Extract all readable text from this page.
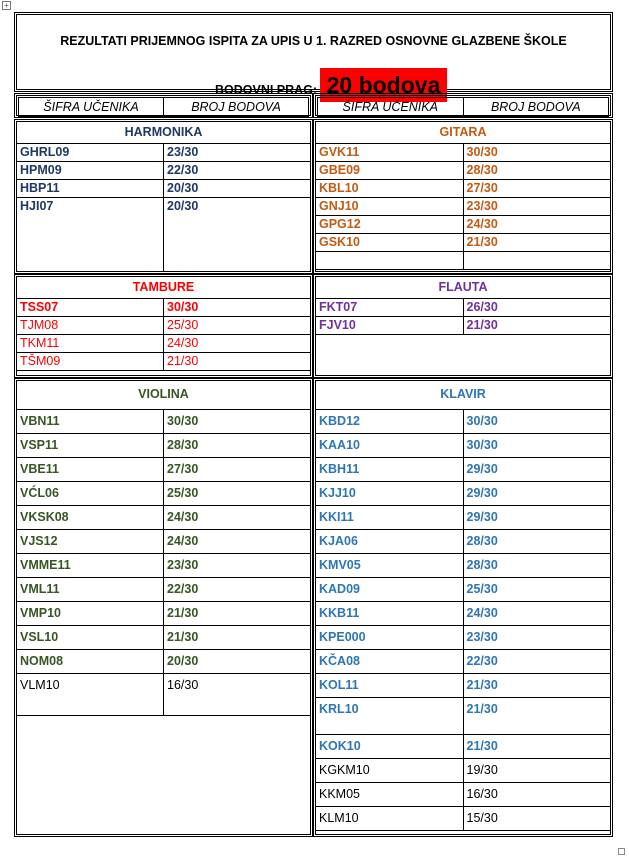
+
REZULTATI PRIJEMNOG ISPITA ZA UPIS U 1. RAZRED OSNOVNE GLAZBENE ŠKOLE
BODOVNI PRAG: 20 bodova
ŠIFRA UČENIKA	BROJ BODOVA	ŠIFRA UČENIKA	BROJ BODOVA
HARMONIKA
GHRL09	23/30
HPM09	22/30
HBP11	20/30
HJI07	20/30
GITARA
GVK11	30/30
GBE09	28/30
KBL10	27/30
GNJ10	23/30
GPG12	24/30
GSK10	21/30

TAMBURE
TSS07	30/30
TJM08	25/30
TKM11	24/30
TŠM09	21/30
FLAUTA
FKT07	26/30
FJV10	21/30
VIOLINA
VBN11	30/30
VSP11	28/30
VBE11	27/30
VĆL06	25/30
VKSK08	24/30
VJS12	24/30
VMME11	23/30
VML11	22/30
VMP10	21/30
VSL10	21/30
NOM08	20/30
VLM10	16/30
KLAVIR
KBD12	30/30
KAA10	30/30
KBH11	29/30
KJJ10	29/30
KKI11	29/30
KJA06	28/30
KMV05	28/30
KAD09	25/30
KKB11	24/30
KPE000	23/30
KČA08	22/30
KOL11	21/30
KRL10	21/30
KOK10	21/30
KGKM10	19/30
KKM05	16/30
KLM10	15/30
